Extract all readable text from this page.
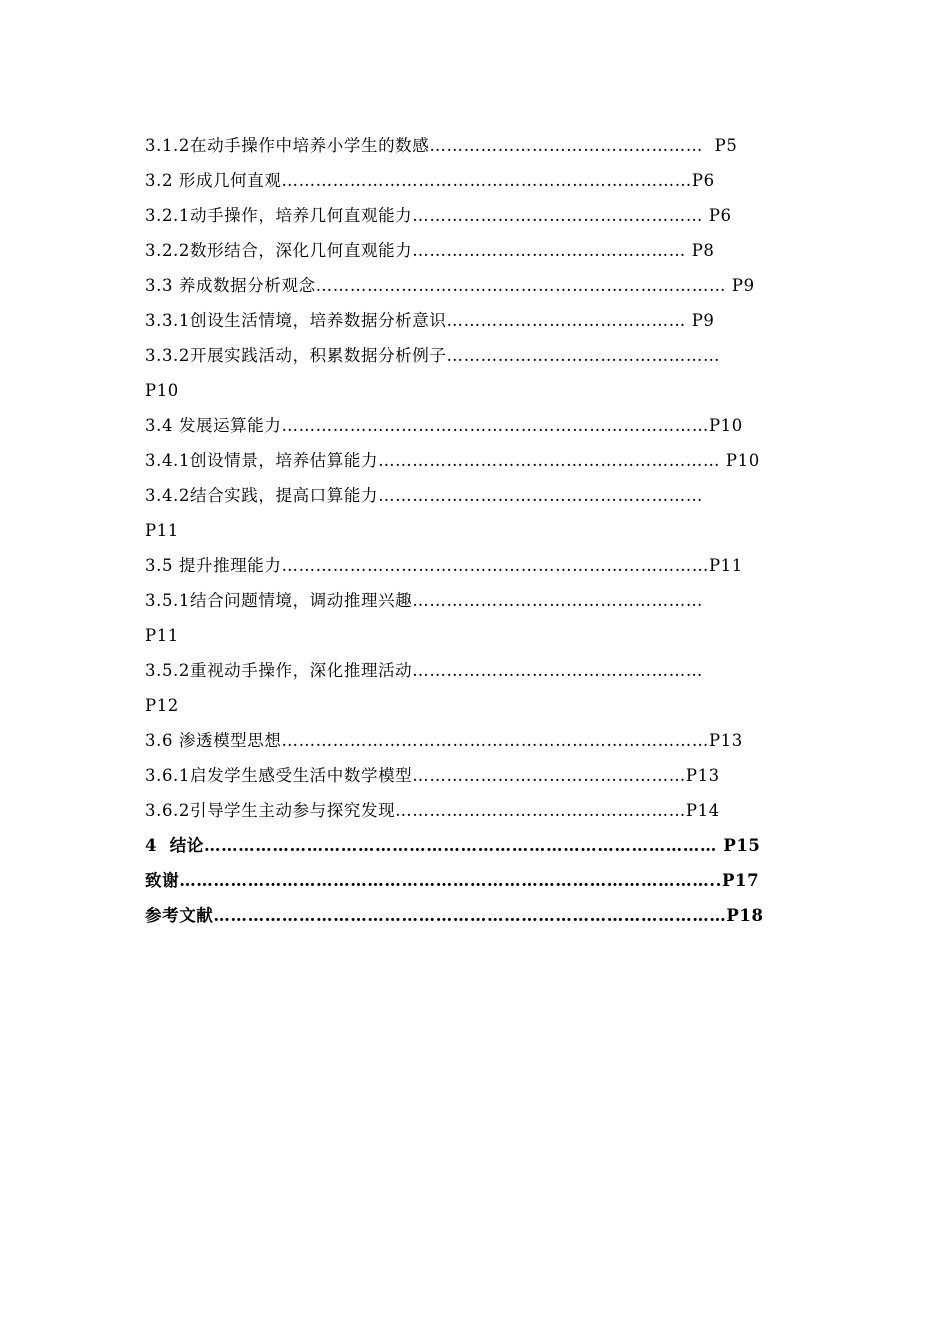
3.1.2在动手操作中培养小学生的数感…………………………………………  P5
3.2 形成几何直观………………………………………………………………P6
3.2.1动手操作，培养几何直观能力…………………………………………… P6
3.2.2数形结合，深化几何直观能力………………………………………… P8
3.3 养成数据分析观念……………………………………………………………… P9
3.3.1创设生活情境，培养数据分析意识…………………………………… P9
3.3.2开展实践活动，积累数据分析例子…………………………………………
P10
3.4 发展运算能力…………………………………………………………………P10
3.4.1创设情景，培养估算能力…………………………………………………… P10
3.4.2结合实践，提高口算能力…………………………………………………
P11
3.5 提升推理能力…………………………………………………………………P11
3.5.1结合问题情境，调动推理兴趣……………………………………………
P11
3.5.2重视动手操作，深化推理活动……………………………………………
P12
3.6 渗透模型思想…………………………………………………………………P13
3.6.1启发学生感受生活中数学模型…………………………………………P13
3.6.2引导学生主动参与探究发现……………………………………………P14
4  结论……………………………………………………………………………… P15
致谢…………………………………………………………………………………..P17
参考文献………………………………………………………………………………P18
